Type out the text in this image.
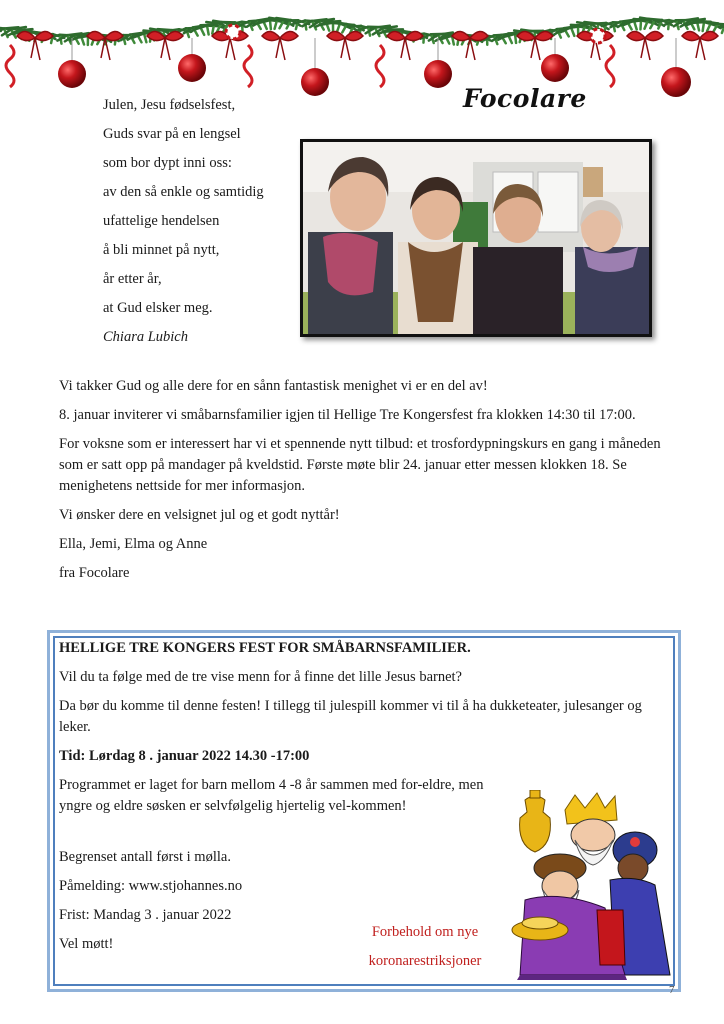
Julen, Jesu fødselsfest,
Guds svar på en lengsel
som bor dypt inni oss:
av den så enkle og samtidig
ufattelige hendelsen
å bli minnet på nytt,
år etter år,
at Gud elsker meg.
Chiara Lubich
Focolare

Vi takker Gud og alle dere for en sånn fantastisk menighet vi er en del av!

8. januar inviterer vi småbarnsfamilier igjen til Hellige Tre Kongersfest fra klokken 14:30 til 17:00.

For voksne som er interessert har vi et spennende nytt tilbud: et trosfordypningskurs en gang i måneden som er satt opp på mandager på kveldstid. Første møte blir 24. januar etter messen klokken 18. Se menighetens nettside for mer informasjon.

Vi ønsker dere en velsignet jul og et godt nyttår!

Ella, Jemi, Elma og Anne

fra Focolare

HELLIGE TRE KONGERS FEST FOR SMÅBARNSFAMILIER.

Vil du ta følge med de tre vise menn for å finne det lille Jesus barnet?

Da bør du komme til denne festen! I tillegg til julespill kommer vi til å ha dukketeater, julesanger og leker.

Tid: Lørdag 8 . januar 2022 14.30 -17:00

Programmet er laget for barn mellom 4 -8 år sammen med for-eldre, men yngre og eldre søsken er selvfølgelig hjertelig vel-kommen!

Begrenset antall først i mølla.

Påmelding: www.stjohannes.no

Frist: Mandag 3 . januar 2022

Vel møtt!

Forbehold om nye
koronarestriksjoner
7
